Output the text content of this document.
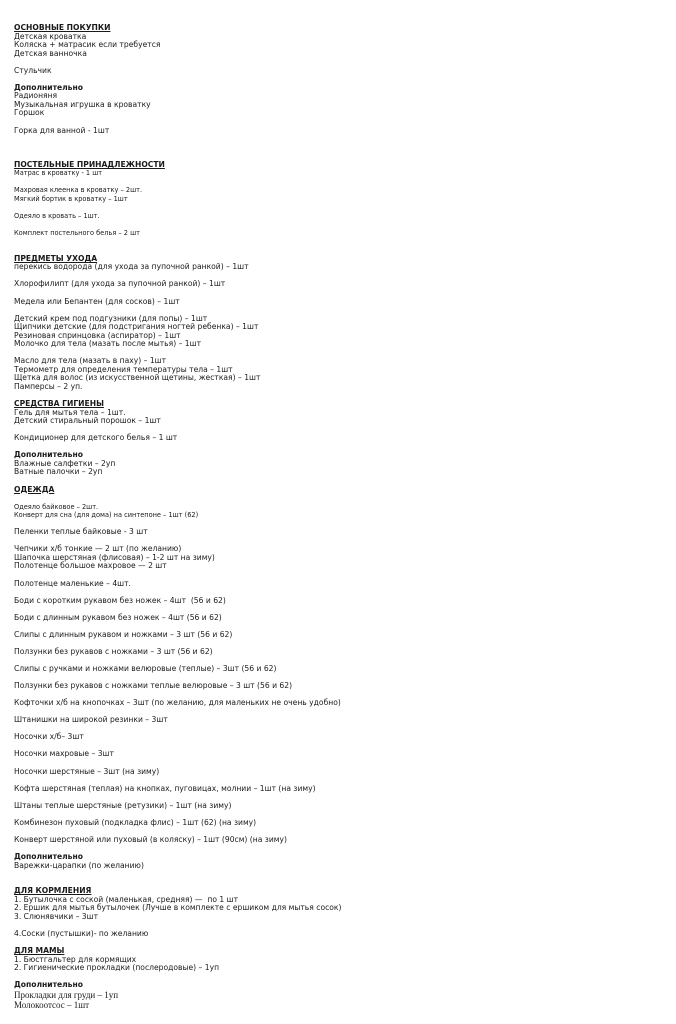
ОСНОВНЫЕ ПОКУПКИ
Детская кроватка
Коляска + матрасик если требуется
Детская ванночка
Стульчик
Дополнительно
Радионяня
Музыкальная игрушка в кроватку
Горшок
Горка для ванной - 1шт
ПОСТЕЛЬНЫЕ ПРИНАДЛЕЖНОСТИ
Матрас в кроватку - 1 шт
Махровая клеенка в кроватку – 2шт.
Мягкий бортик в кроватку – 1шт
Одеяло в кровать – 1шт.
Комплект постельного белья – 2 шт
ПРЕДМЕТЫ УХОДА
перекись водорода (для ухода за пупочной ранкой) – 1шт
Хлорофилипт (для ухода за пупочной ранкой) – 1шт
Медела или Бепантен (для сосков) – 1шт
Детский крем под подгузники (для попы) – 1шт
Щипчики детские (для подстригания ногтей ребенка) – 1шт
Резиновая спринцовка (аспиратор) – 1шт
Молочко для тела (мазать после мытья) – 1шт
Масло для тела (мазать в паху) – 1шт
Термометр для определения температуры тела – 1шт
Щетка для волос (из искусственной щетины, жесткая) – 1шт
Памперсы – 2 уп.
СРЕДСТВА ГИГИЕНЫ
Гель для мытья тела – 1шт.
Детский стиральный порошок – 1шт
Кондиционер для детского белья – 1 шт
Дополнительно
Влажные салфетки – 2уп
Ватные палочки – 2уп
ОДЕЖДА
Одеяло байковое – 2шт.
Конверт для сна (для дома) на синтепоне – 1шт (62)
Пеленки теплые байковые - 3 шт
Чепчики х/б тонкие — 2 шт (по желанию)
Шапочка шерстяная (флисовая) – 1-2 шт на зиму)
Полотенце большое махровое — 2 шт
Полотенце маленькие – 4шт.
Боди с коротким рукавом без ножек – 4шт  (56 и 62)
Боди с длинным рукавом без ножек – 4шт (56 и 62)
Слипы с длинным рукавом и ножками – 3 шт (56 и 62)
Ползунки без рукавов с ножками – 3 шт (56 и 62)
Слипы с ручками и ножками велюровые (теплые) – 3шт (56 и 62)
Ползунки без рукавов с ножками теплые велюровые – 3 шт (56 и 62)
Кофточки х/б на кнопочках – 3шт (по желанию, для маленьких не очень удобно)
Штанишки на широкой резинки – 3шт
Носочки х/б– 3шт
Носочки махровые – 3шт
Носочки шерстяные – 3шт (на зиму)
Кофта шерстяная (теплая) на кнопках, пуговицах, молнии – 1шт (на зиму)
Штаны теплые шерстяные (ретузики) – 1шт (на зиму)
Комбинезон пуховый (подкладка флис) – 1шт (62) (на зиму)
Конверт шерстяной или пуховый (в коляску) – 1шт (90см) (на зиму)
Дополнительно
Варежки-царапки (по желанию)
ДЛЯ КОРМЛЕНИЯ
1. Бутылочка с соской (маленькая, средняя) —  по 1 шт
2. Ершик для мытья бутылочек (Лучше в комплекте с ершиком для мытья сосок)
3. Слюнявчики – 3шт
4.Соски (пустышки)- по желанию
ДЛЯ МАМЫ
1. Бюстгальтер для кормящих
2. Гигиенические прокладки (послеродовые) – 1уп
Дополнительно
Прокладки для груди – 1уп
Молокоотсос – 1шт
